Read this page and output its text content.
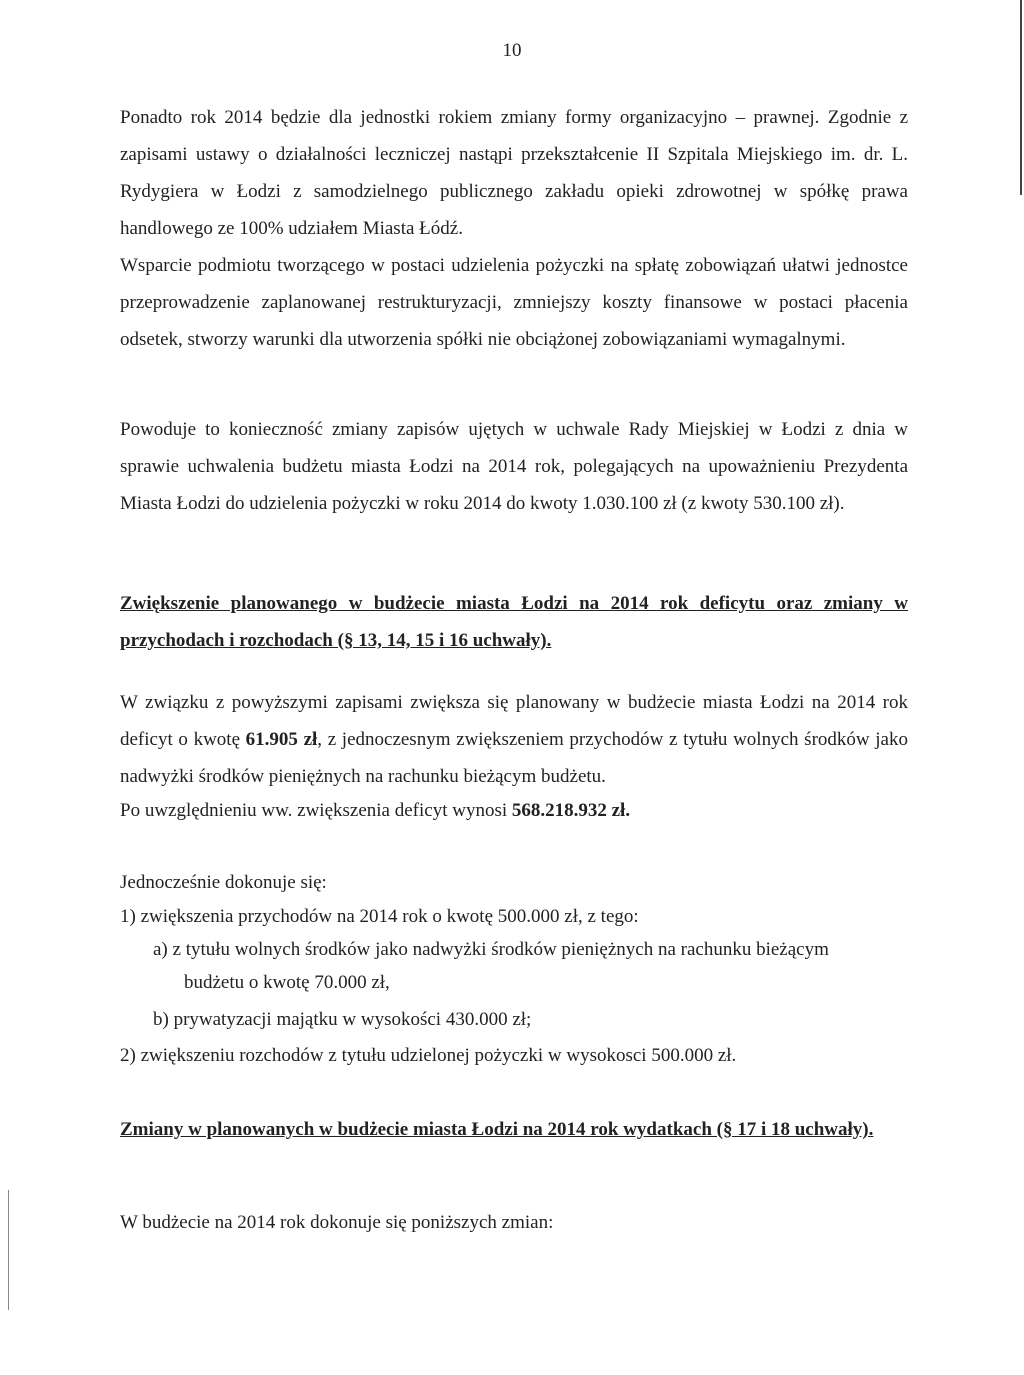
10

Ponadto rok 2014 będzie dla jednostki rokiem zmiany formy organizacyjno – prawnej. Zgodnie z zapisami ustawy o działalności leczniczej nastąpi przekształcenie II Szpitala Miejskiego im. dr. L. Rydygiera w Łodzi z samodzielnego publicznego zakładu opieki zdrowotnej w spółkę prawa handlowego ze 100% udziałem Miasta Łódź.

Wsparcie podmiotu tworzącego w postaci udzielenia pożyczki na spłatę zobowiązań ułatwi jednostce przeprowadzenie zaplanowanej restrukturyzacji, zmniejszy koszty finansowe w postaci płacenia odsetek, stworzy warunki dla utworzenia spółki nie obciążonej zobowiązaniami wymagalnymi.

Powoduje to konieczność zmiany zapisów ujętych w uchwale Rady Miejskiej w Łodzi z dnia w sprawie uchwalenia budżetu miasta Łodzi na 2014 rok, polegających na upoważnieniu Prezydenta Miasta Łodzi do udzielenia pożyczki w roku 2014 do kwoty 1.030.100 zł (z kwoty 530.100 zł).

Zwiększenie planowanego w budżecie miasta Łodzi na 2014 rok deficytu oraz zmiany w przychodach i rozchodach (§ 13, 14, 15 i 16 uchwały).

W związku z powyższymi zapisami zwiększa się planowany w budżecie miasta Łodzi na 2014 rok deficyt o kwotę 61.905 zł, z jednoczesnym zwiększeniem przychodów z tytułu wolnych środków jako nadwyżki środków pieniężnych na rachunku bieżącym budżetu.

Po uwzględnieniu ww. zwiększenia deficyt wynosi 568.218.932 zł.
Jednocześnie dokonuje się:
1) zwiększenia przychodów na 2014 rok o kwotę 500.000 zł, z tego:
a) z tytułu wolnych środków jako nadwyżki środków pieniężnych na rachunku bieżącym
budżetu o kwotę 70.000 zł,
b) prywatyzacji majątku w wysokości 430.000 zł;
2) zwiększeniu rozchodów z tytułu udzielonej pożyczki w wysokosci 500.000 zł.

Zmiany w planowanych w budżecie miasta Łodzi na 2014 rok wydatkach (§ 17 i 18 uchwały).

W budżecie na 2014 rok dokonuje się poniższych zmian:
